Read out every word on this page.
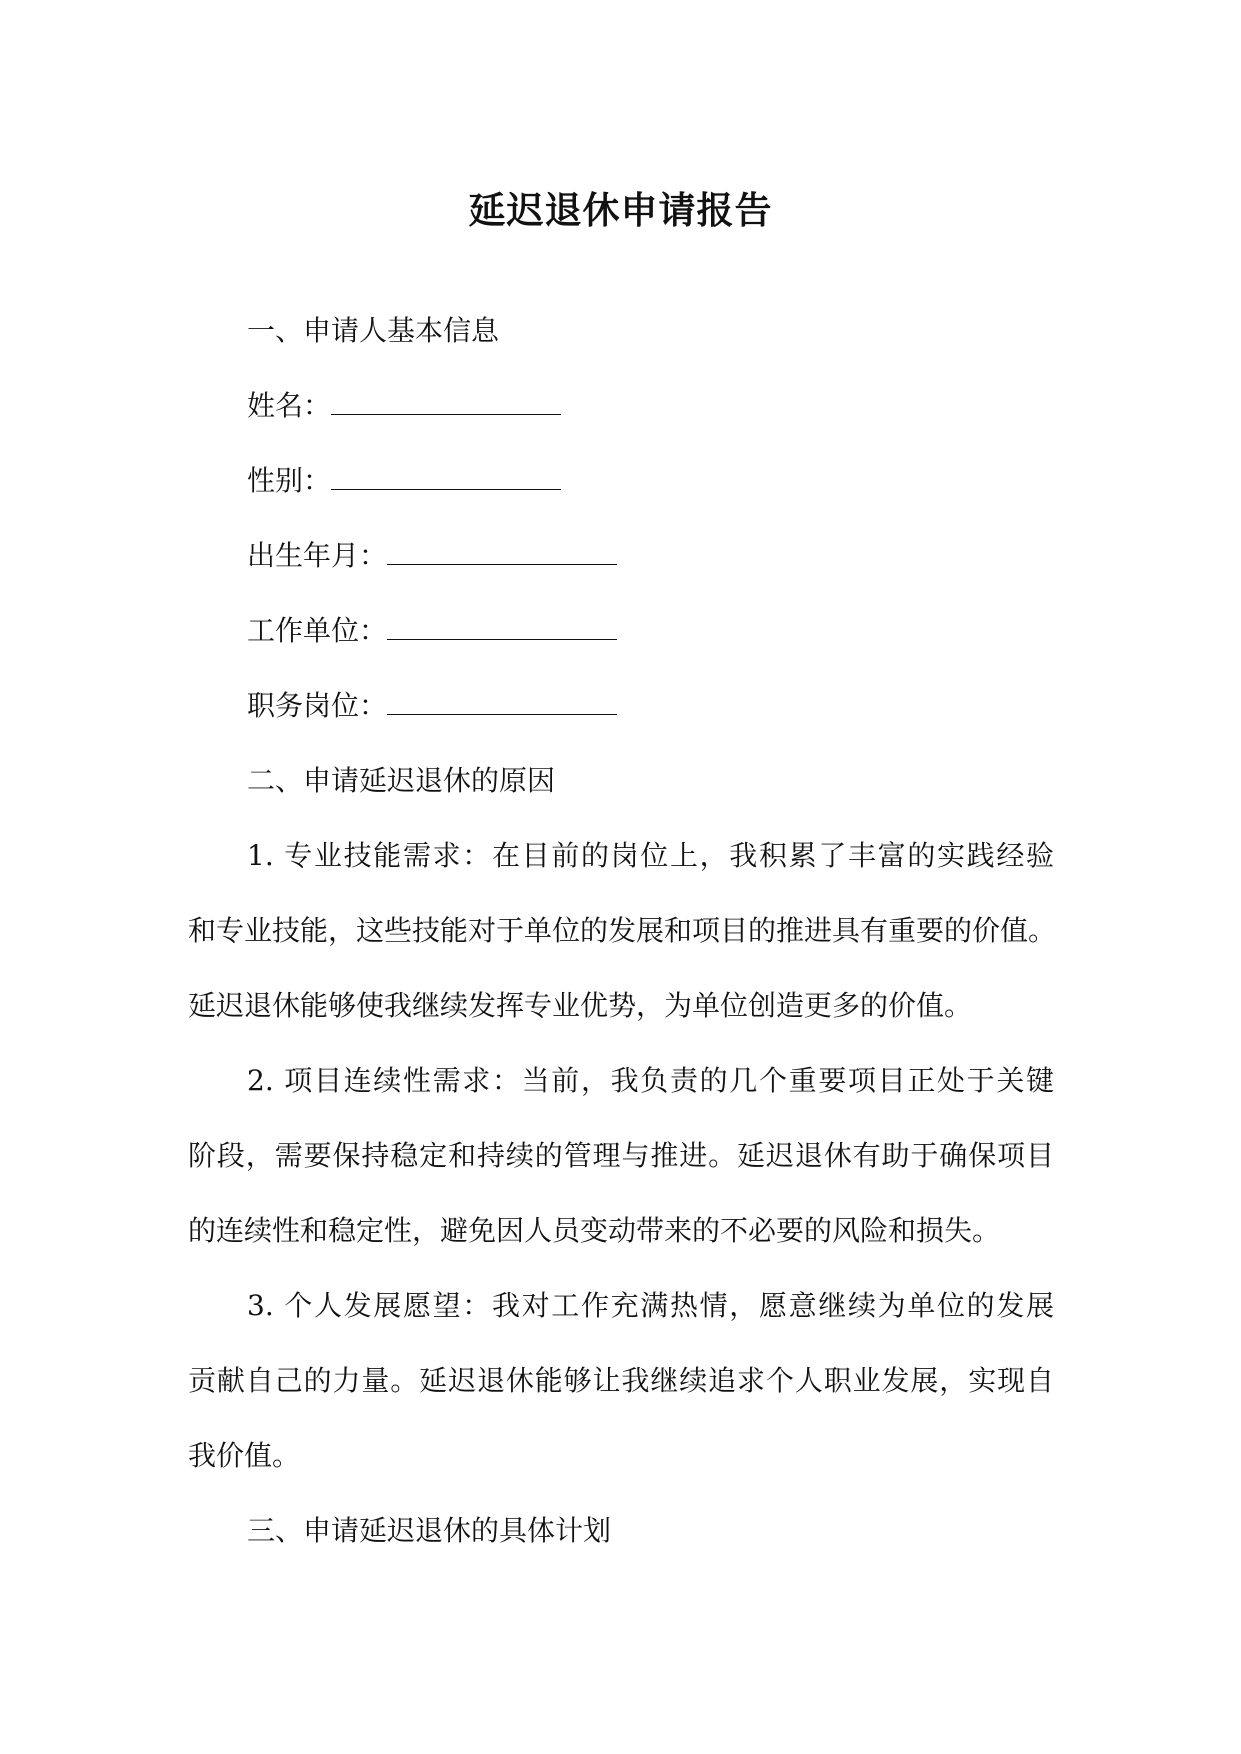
延迟退休申请报告
一、申请人基本信息
姓名：
性别：
出生年月：
工作单位：
职务岗位：
二、申请延迟退休的原因
1. 专业技能需求：在目前的岗位上，我积累了丰富的实践经验
和专业技能，这些技能对于单位的发展和项目的推进具有重要的价值。
延迟退休能够使我继续发挥专业优势，为单位创造更多的价值。
2. 项目连续性需求：当前，我负责的几个重要项目正处于关键
阶段，需要保持稳定和持续的管理与推进。延迟退休有助于确保项目
的连续性和稳定性，避免因人员变动带来的不必要的风险和损失。
3. 个人发展愿望：我对工作充满热情，愿意继续为单位的发展
贡献自己的力量。延迟退休能够让我继续追求个人职业发展，实现自
我价值。
三、申请延迟退休的具体计划
